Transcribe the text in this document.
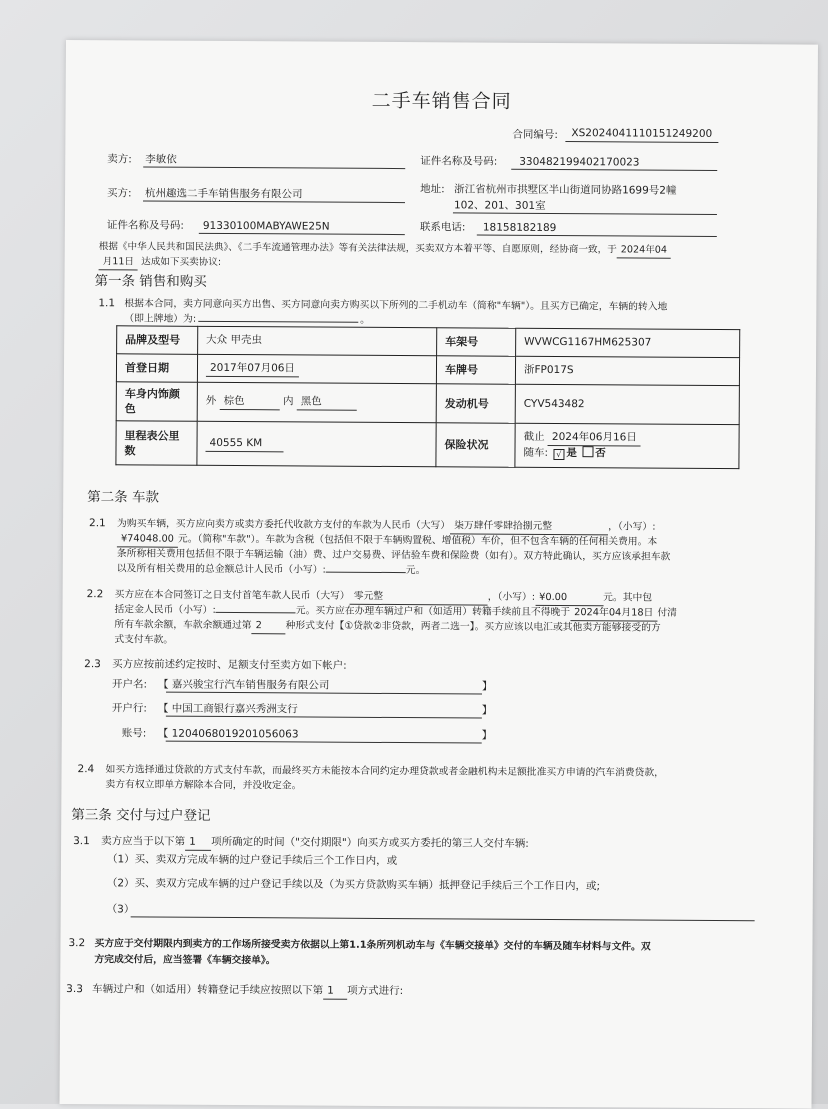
二手车销售合同
合同编号:	XS2024041110151249200
卖方: 李敏依	证件名称及号码: 330482199402170023
买方: 杭州趣选二手车销售服务有限公司	地址: 浙江省杭州市拱墅区半山街道同协路1699号2幢
102、201、301室
证件名称及号码: 91330100MABYAWE25N	联系电话: 18158182189
根据《中华人民共和国民法典》、《二手车流通管理办法》等有关法律法规，买卖双方本着平等、自愿原则，经协商一致，于 2024年04
月11日 达成如下买卖协议:
第一条 销售和购买
1.1 根据本合同，卖方同意向买方出售、买方同意向卖方购买以下所列的二手机动车（简称"车辆"）。且买方已确定，车辆的转入地
（即上牌地）为:	。
品牌及型号	大众 甲壳虫	车架号	WVWCG1167HM625307
首登日期	2017年07月06日	车牌号	浙FP017S
车身内饰颜色	外 棕色 内 黑色	发动机号	CYV543482
里程表公里数	40555 KM	保险状况	截止 2024年06月16日
随车: √ 是 否
第二条 车款
2.1 为购买车辆，买方应向卖方或卖方委托代收款方支付的车款为人民币（大写） 柒万肆仟零肆拾捌元整	，（小写）:
¥74048.00 元。（简称"车款"）。车款为含税（包括但不限于车辆购置税、增值税）车价，但不包含车辆的任何相关费用。本
条所称相关费用包括但不限于车辆运输（油）费、过户交易费、评估验车费和保险费（如有）。双方特此确认，买方应该承担车款
以及所有相关费用的总金额总计人民币（小写）:	元。
2.2 买方应在本合同签订之日支付首笔车款人民币（大写） 零元整	，（小写）: ¥0.00	元。其中包
括定金人民币（小写）:	元。买方应在办理车辆过户和（如适用）转籍手续前且不得晚于 2024年04月18日 付清
所有车款余额，车款余额通过第 2 种形式支付【①贷款②非贷款，两者二选一】。买方应该以电汇或其他卖方能够接受的方
式支付车款。
2.3 买方应按前述约定按时、足额支付至卖方如下帐户:
开户名: 【 嘉兴骏宝行汽车销售服务有限公司	】
开户行: 【 中国工商银行嘉兴秀洲支行	】
账号: 【 1204068019201056063	】
2.4 如买方选择通过贷款的方式支付车款，而最终买方未能按本合同约定办理贷款或者金融机构未足额批准买方申请的汽车消费贷款，
卖方有权立即单方解除本合同，并没收定金。
第三条 交付与过户登记
3.1 卖方应当于以下第 1 项所确定的时间（"交付期限"）向买方或买方委托的第三人交付车辆:
（1）买、卖双方完成车辆的过户登记手续后三个工作日内，或
（2）买、卖双方完成车辆的过户登记手续以及（为买方贷款购买车辆）抵押登记手续后三个工作日内，或;
（3）
3.2 买方应于交付期限内到卖方的工作场所接受卖方依据以上第1.1条所列机动车与《车辆交接单》交付的车辆及随车材料与文件。双
方完成交付后，应当签署《车辆交接单》。
3.3 车辆过户和（如适用）转籍登记手续应按照以下第 1 项方式进行:
